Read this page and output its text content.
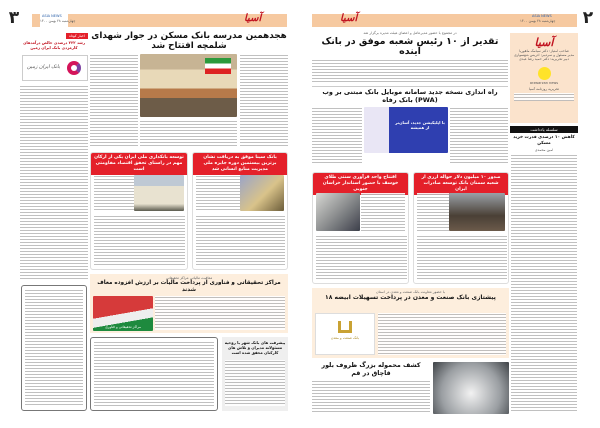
آسیا	ASIA NEWS
چهارشنبه ۲۸ بهمن ۱۴۰۰ ۲
آسیا
صاحب امتیاز: دکتر سیامک ماهوریا
مدیر مسئول و سردبیر: ادریس شهسواری
دبیر تحریریه: دکتر حمید رضا عبدی
arzwarzan news
تحریریه روزنامه آسیا
سلسله یادداشت
کاهش ۱۰ درصدی قدرت خرید مسکن
امین محمدی
در مجموع با حضور مدیرعامل و اعضای هیئت مدیره برگزار شد
تقدیر از ۱۰ رئیس شعبه موفق در بانک آینده
راه اندازی نسخه جدید سامانه موبایل بانک مبتنی بر وب (PWA) بانک رفاه
با اپلیکیشن جدید، آسان‌تر از همیشه
صدور ۱۰ میلیون دلار حواله ارزی از شعبه سمنان بانک توسعه صادرات ایران
افتتاح واحد فرآوری سنتی طلای خوسف با حضور استاندار خراسان جنوبی
با حضور معاونت بانک صنعت و معدن در استان
پیشتازی بانک صنعت و معدن در پرداخت تسهیلات ابیضه ۱۸
بانک صنعت و معدن
کشف محموله بزرگ ظروف بلور قاچاق در قم
آسیا
ASIA NEWS
چهارشنبه ۲۸ بهمن ۱۴۰۰
۳
اخبار کوتاه
رشد ۲۳۲ درصدی خالص درآمدهای کارمزدی بانک ایران زمین
بانک ایران زمین
هجدهمین مدرسه بانک مسکن در جوار شهدای شلمچه افتتاح شد
بانک سینا موفق به دریافت نشان برترین بیستمین دوره جایزه ملی مدیریت منابع انسانی شد
توسعه بانکداری ملی ایران یکی از ارکان مهم در راستای تحقق اقتصاد مقاومتی است
معافیت مالیاتی مراکز تحقیقاتی
مراکز تحقیقاتی و فناوری از پرداخت مالیات بر ارزش افزوده معاف شدند
مراکز تحقیقاتی و فناوری
پیشرفت های بانک شهر با روحیه مسئولانه مدیران و تلاش های کارکنان محقق شده است
